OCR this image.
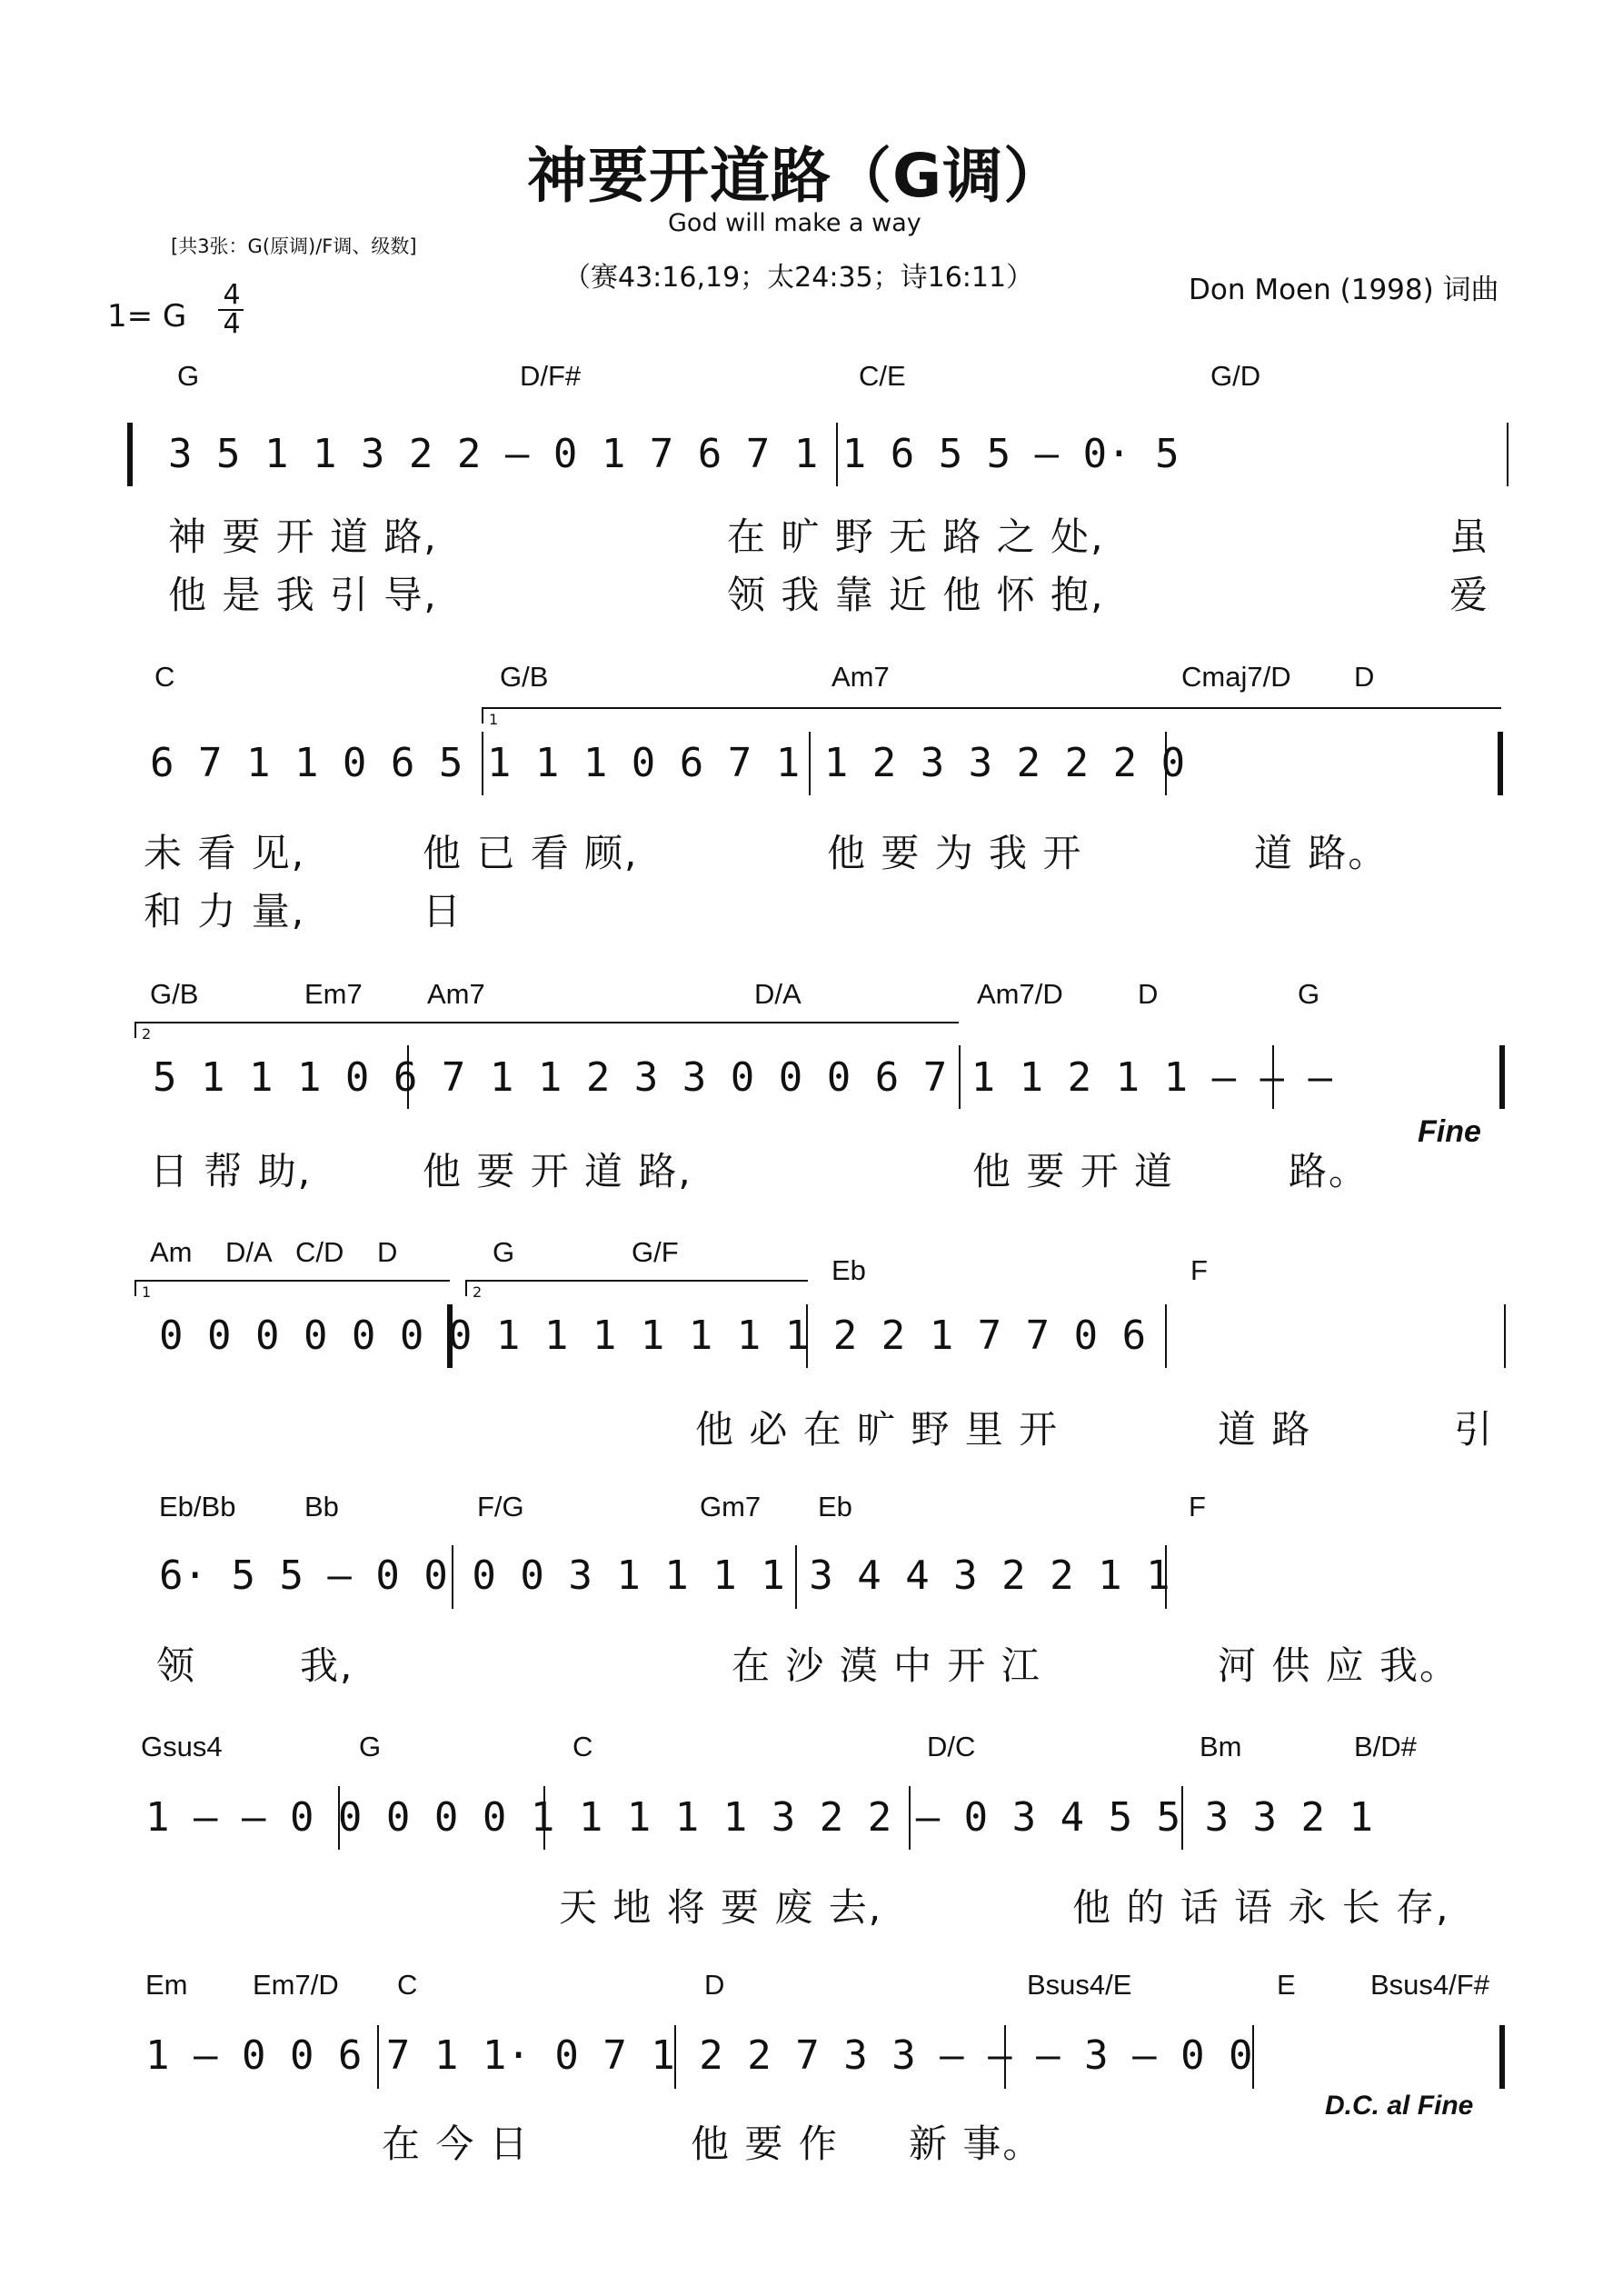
神要开道路（G调）
God will make a way
[共3张：G(原调)/F调、级数]
（赛43:16,19；太24:35；诗16:11）	Don Moen (1998) 词曲
1= G
4
4
G	D/F#	C/E	G/D
3 5 1 1 3 2 2 – 0 1 7 6 7 1 1 6 5 5 – 0· 5
神 要 开 道 路,	在 旷 野 无 路 之 处,	虽
他 是 我 引 导,	领 我 靠 近 他 怀 抱,	爱
C	G/B	Am7	Cmaj7/D D
1
6 7 1 1 0 6 5 1 1 1 0 6 7 1 1 2 3 3 2 2 2 0
未 看 见,	他 已 看 顾,	他 要 为 我 开	道 路。
和 力 量,	日
G/B	Em7 Am7	D/A	Am7/D	D	G
2
5 1 1 1 0 6 7 1 1 2 3 3 0 0 0 6 7 1 1 2 1 1 – – –
Fine
日 帮 助,	他 要 开 道 路,	他 要 开 道	路。
Am D/A C/D D	G	G/F
Eb	F
1	2
0 0 0 0 0 0 0 1 1 1 1 1 1 1 2 2 1 7 7 0 6
他 必 在 旷 野 里 开	道 路	引
Eb/Bb Bb	F/G	Gm7 Eb	F
6· 5 5 – 0 0 0 0 3 1 1 1 1 3 4 4 3 2 2 1 1
领	我,	在 沙 漠 中 开 江	河 供 应 我。
Gsus4	G	C	D/C	Bm	B/D#
1 – – 0 0 0 0 0 1 1 1 1 1 3 2 2 – 0 3 4 5 5 3 3 2 1
天 地 将 要 废 去,	他 的 话 语 永 长 存,
Em Em7/D C	D	Bsus4/E	E	Bsus4/F#
1 – 0 0 6 7 1 1· 0 7 1 2 2 7 3 3 – – – 3 – 0 0
D.C. al Fine
在 今 日	他 要 作 新 事。
